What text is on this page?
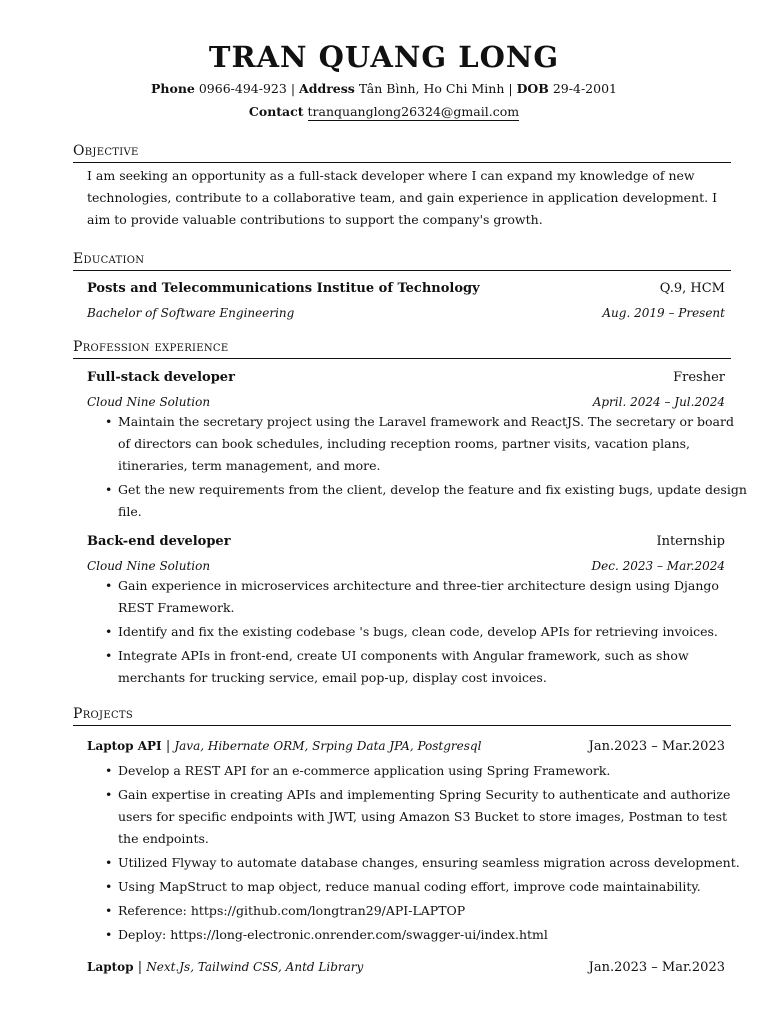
TRAN QUANG LONG
Phone 0966-494-923 | Address Tân Bình, Ho Chi Minh | DOB 29-4-2001
Contact tranquanglong26324@gmail.com
Objective
I am seeking an opportunity as a full-stack developer where I can expand my knowledge of new technologies, contribute to a collaborative team, and gain experience in application development. I aim to provide valuable contributions to support the company's growth.
Education
Posts and Telecommunications Institue of Technology	Q.9, HCM
Bachelor of Software Engineering	Aug. 2019 – Present
Profession experience
Full-stack developer	Fresher
Cloud Nine Solution	April. 2024 – Jul.2024
• Maintain the secretary project using the Laravel framework and ReactJS. The secretary or board of directors can book schedules, including reception rooms, partner visits, vacation plans, itineraries, term management, and more.
• Get the new requirements from the client, develop the feature and fix existing bugs, update design file.
Back-end developer	Internship
Cloud Nine Solution	Dec. 2023 – Mar.2024
• Gain experience in microservices architecture and three-tier architecture design using Django REST Framework.
• Identify and fix the existing codebase 's bugs, clean code, develop APIs for retrieving invoices.
• Integrate APIs in front-end, create UI components with Angular framework, such as show merchants for trucking service, email pop-up, display cost invoices.
Projects
Laptop API | Java, Hibernate ORM, Srping Data JPA, Postgresql	Jan.2023 – Mar.2023
• Develop a REST API for an e-commerce application using Spring Framework.
• Gain expertise in creating APIs and implementing Spring Security to authenticate and authorize users for specific endpoints with JWT, using Amazon S3 Bucket to store images, Postman to test the endpoints.
• Utilized Flyway to automate database changes, ensuring seamless migration across development.
• Using MapStruct to map object, reduce manual coding effort, improve code maintainability.
• Reference: https://github.com/longtran29/API-LAPTOP
• Deploy: https://long-electronic.onrender.com/swagger-ui/index.html
Laptop | Next.Js, Tailwind CSS, Antd Library	Jan.2023 – Mar.2023
